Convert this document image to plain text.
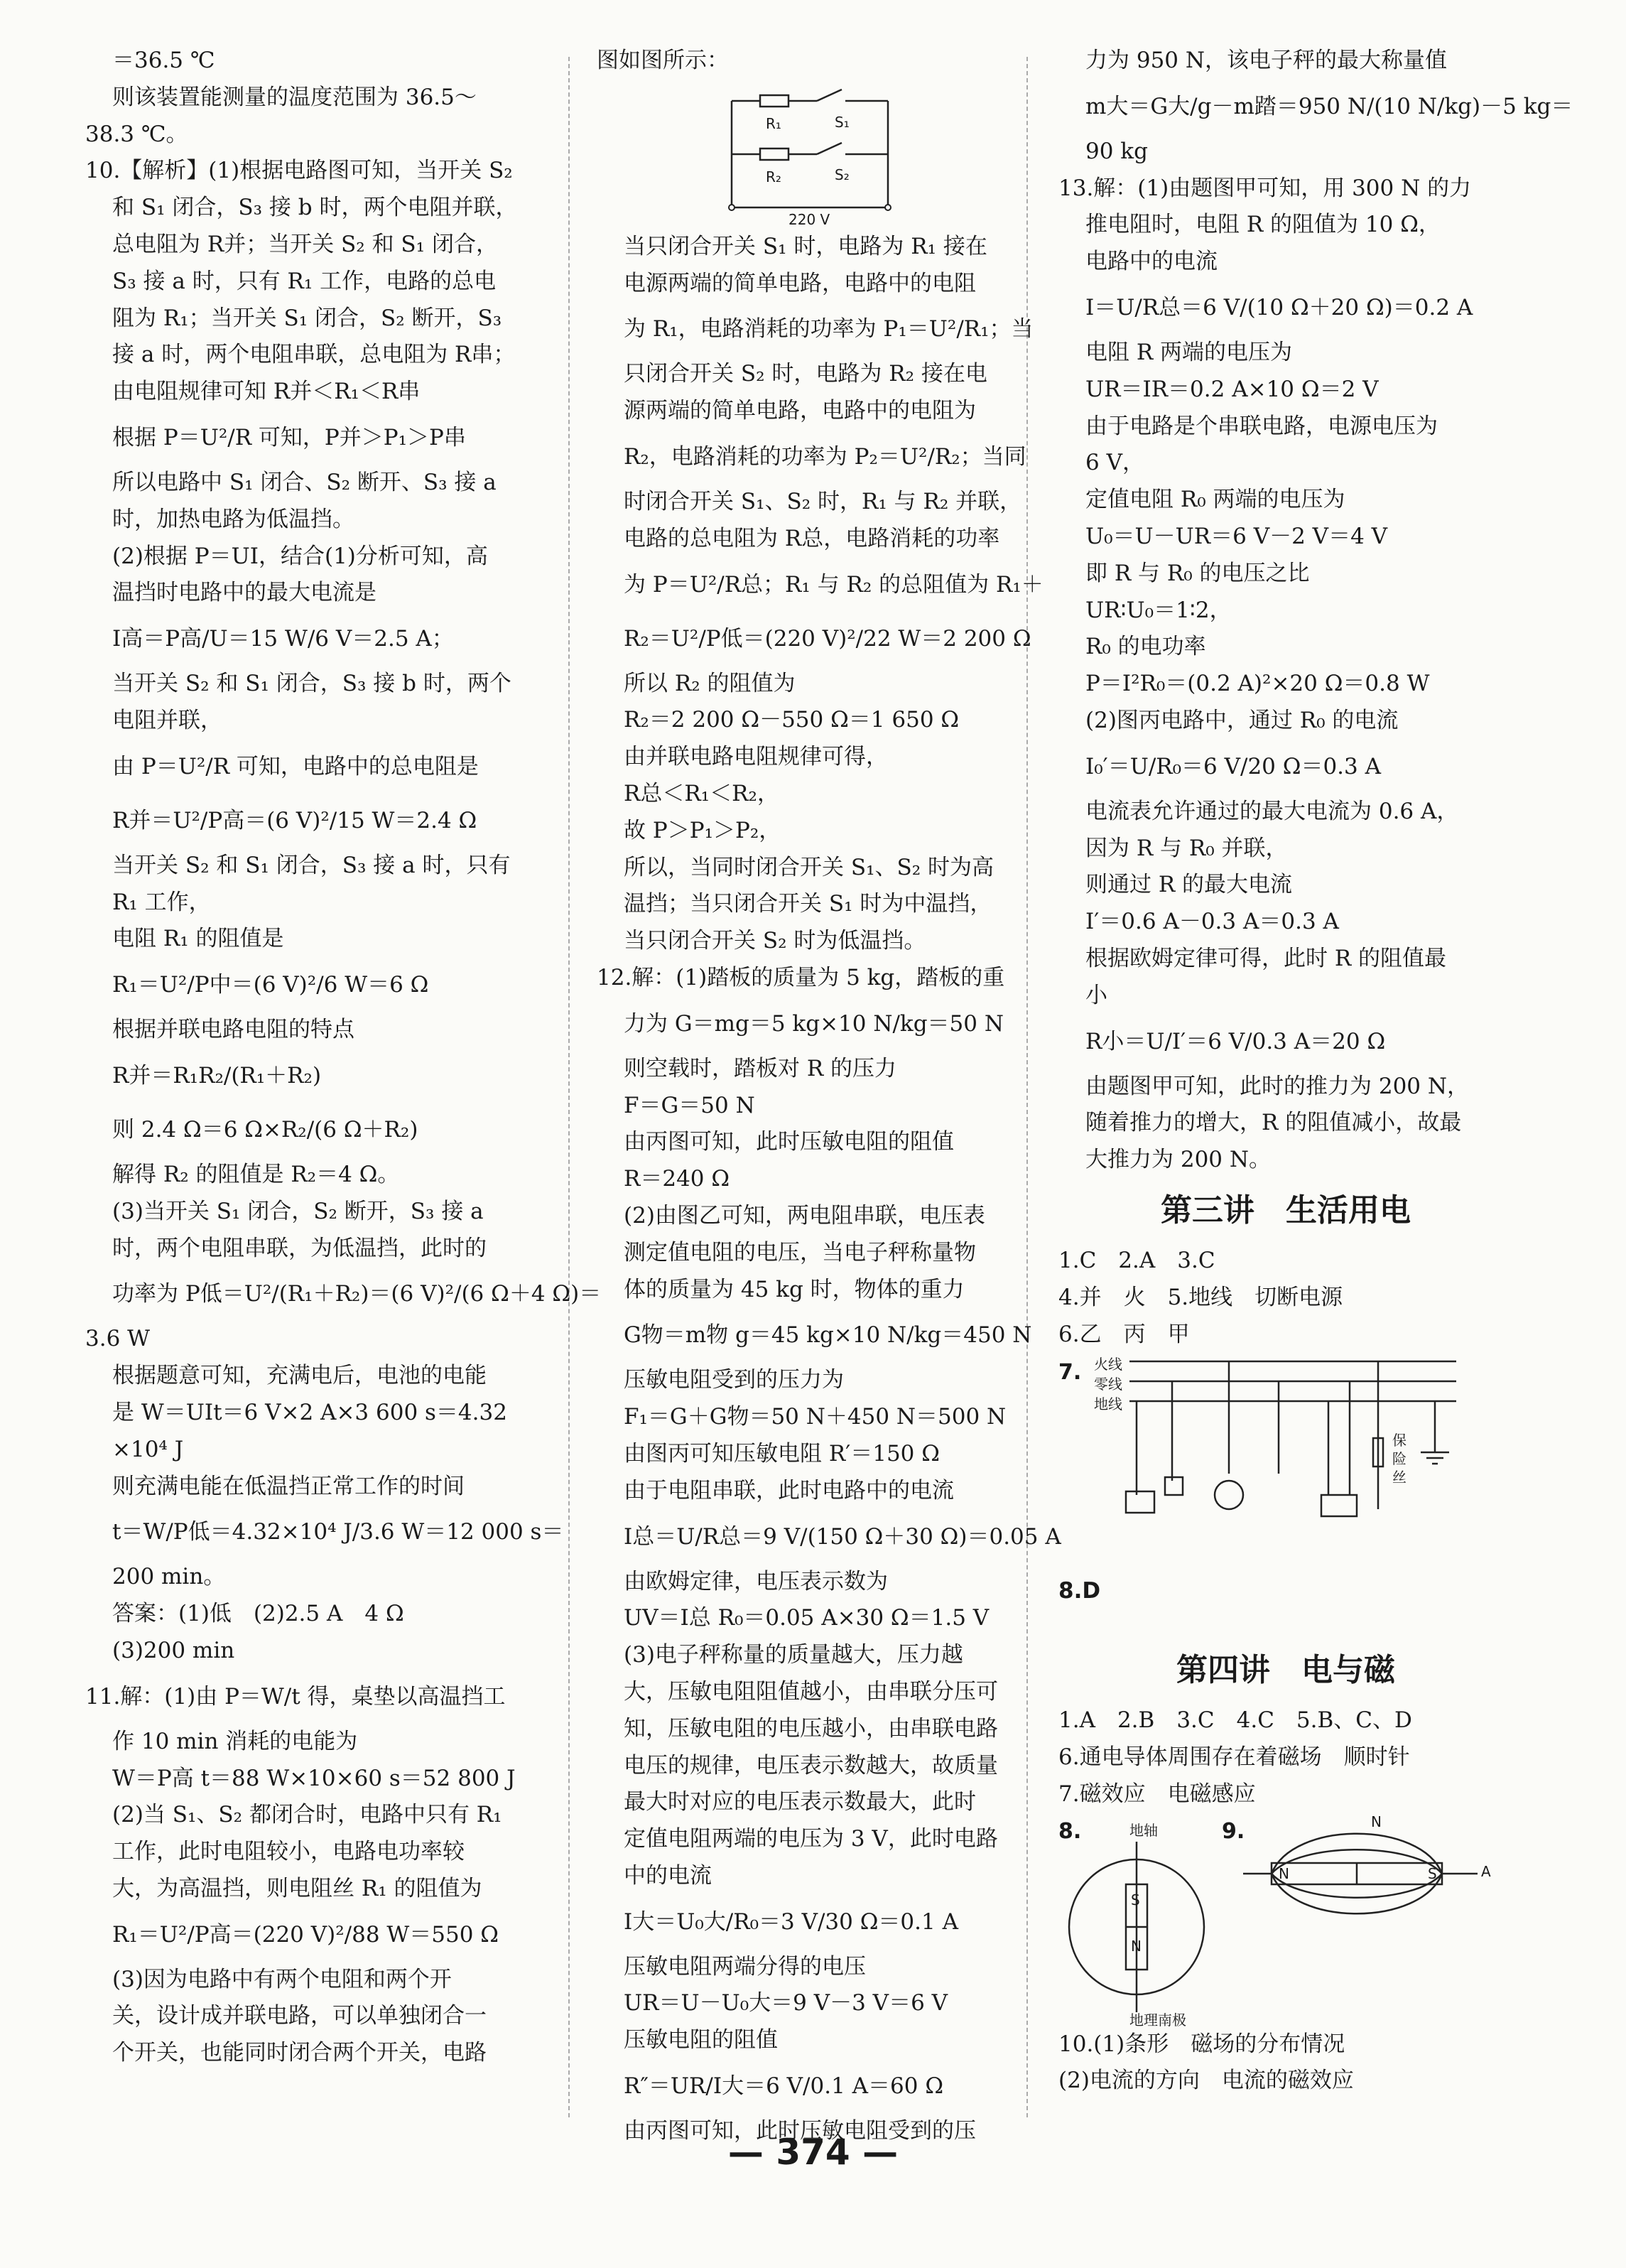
＝36.5 ℃
则该装置能测量的温度范围为 36.5～
38.3 ℃。
10.【解析】(1)根据电路图可知，当开关 S₂
和 S₁ 闭合，S₃ 接 b 时，两个电阻并联，
总电阻为 R并；当开关 S₂ 和 S₁ 闭合，
S₃ 接 a 时，只有 R₁ 工作，电路的总电
阻为 R₁；当开关 S₁ 闭合，S₂ 断开，S₃
接 a 时，两个电阻串联，总电阻为 R串；
由电阻规律可知 R并＜R₁＜R串
根据 P＝U²/R 可知，P并＞P₁＞P串
所以电路中 S₁ 闭合、S₂ 断开、S₃ 接 a
时，加热电路为低温挡。
(2)根据 P＝UI，结合(1)分析可知，高
温挡时电路中的最大电流是
I高＝P高/U＝15 W/6 V＝2.5 A；
当开关 S₂ 和 S₁ 闭合，S₃ 接 b 时，两个
电阻并联，
由 P＝U²/R 可知，电路中的总电阻是
R并＝U²/P高＝(6 V)²/15 W＝2.4 Ω
当开关 S₂ 和 S₁ 闭合，S₃ 接 a 时，只有
R₁ 工作，
电阻 R₁ 的阻值是
R₁＝U²/P中＝(6 V)²/6 W＝6 Ω
根据并联电路电阻的特点
R并＝R₁R₂/(R₁＋R₂)
则 2.4 Ω＝6 Ω×R₂/(6 Ω＋R₂)
解得 R₂ 的阻值是 R₂＝4 Ω。
(3)当开关 S₁ 闭合，S₂ 断开，S₃ 接 a
时，两个电阻串联，为低温挡，此时的
功率为 P低＝U²/(R₁＋R₂)＝(6 V)²/(6 Ω＋4 Ω)＝
3.6 W
根据题意可知，充满电后，电池的电能
是 W＝UIt＝6 V×2 A×3 600 s＝4.32
×10⁴ J
则充满电能在低温挡正常工作的时间
t＝W/P低＝4.32×10⁴ J/3.6 W＝12 000 s＝
200 min。
答案：(1)低　(2)2.5 A　4 Ω
(3)200 min
11.解：(1)由 P＝W/t 得，桌垫以高温挡工
作 10 min 消耗的电能为
W＝P高 t＝88 W×10×60 s＝52 800 J
(2)当 S₁、S₂ 都闭合时，电路中只有 R₁
工作，此时电阻较小，电路电功率较
大，为高温挡，则电阻丝 R₁ 的阻值为
R₁＝U²/P高＝(220 V)²/88 W＝550 Ω
(3)因为电路中有两个电阻和两个开
关，设计成并联电路，可以单独闭合一
个开关，也能同时闭合两个开关，电路
图如图所示：
R₁	S₁
R₂	S₂
220 V
当只闭合开关 S₁ 时，电路为 R₁ 接在
电源两端的简单电路，电路中的电阻
为 R₁，电路消耗的功率为 P₁＝U²/R₁；当
只闭合开关 S₂ 时，电路为 R₂ 接在电
源两端的简单电路，电路中的电阻为
R₂，电路消耗的功率为 P₂＝U²/R₂；当同
时闭合开关 S₁、S₂ 时，R₁ 与 R₂ 并联，
电路的总电阻为 R总，电路消耗的功率
为 P＝U²/R总；R₁ 与 R₂ 的总阻值为 R₁＋
R₂＝U²/P低＝(220 V)²/22 W＝2 200 Ω
所以 R₂ 的阻值为
R₂＝2 200 Ω－550 Ω＝1 650 Ω
由并联电路电阻规律可得，
R总＜R₁＜R₂，
故 P＞P₁＞P₂，
所以，当同时闭合开关 S₁、S₂ 时为高
温挡；当只闭合开关 S₁ 时为中温挡，
当只闭合开关 S₂ 时为低温挡。
12.解：(1)踏板的质量为 5 kg，踏板的重
力为 G＝mg＝5 kg×10 N/kg＝50 N
则空载时，踏板对 R 的压力
F＝G＝50 N
由丙图可知，此时压敏电阻的阻值
R＝240 Ω
(2)由图乙可知，两电阻串联，电压表
测定值电阻的电压，当电子秤称量物
体的质量为 45 kg 时，物体的重力
G物＝m物 g＝45 kg×10 N/kg＝450 N
压敏电阻受到的压力为
F₁＝G＋G物＝50 N＋450 N＝500 N
由图丙可知压敏电阻 R′＝150 Ω
由于电阻串联，此时电路中的电流
I总＝U/R总＝9 V/(150 Ω＋30 Ω)＝0.05 A
由欧姆定律，电压表示数为
UV＝I总 R₀＝0.05 A×30 Ω＝1.5 V
(3)电子秤称量的质量越大，压力越
大，压敏电阻阻值越小，由串联分压可
知，压敏电阻的电压越小，由串联电路
电压的规律，电压表示数越大，故质量
最大时对应的电压表示数最大，此时
定值电阻两端的电压为 3 V，此时电路
中的电流
I大＝U₀大/R₀＝3 V/30 Ω＝0.1 A
压敏电阻两端分得的电压
UR＝U－U₀大＝9 V－3 V＝6 V
压敏电阻的阻值
R″＝UR/I大＝6 V/0.1 A＝60 Ω
由丙图可知，此时压敏电阻受到的压
力为 950 N，该电子秤的最大称量值
m大＝G大/g－m踏＝950 N/(10 N/kg)－5 kg＝
90 kg
13.解：(1)由题图甲可知，用 300 N 的力
推电阻时，电阻 R 的阻值为 10 Ω，
电路中的电流
I＝U/R总＝6 V/(10 Ω＋20 Ω)＝0.2 A
电阻 R 两端的电压为
UR＝IR＝0.2 A×10 Ω＝2 V
由于电路是个串联电路，电源电压为
6 V，
定值电阻 R₀ 两端的电压为
U₀＝U－UR＝6 V－2 V＝4 V
即 R 与 R₀ 的电压之比
UR∶U₀＝1∶2，
R₀ 的电功率
P＝I²R₀＝(0.2 A)²×20 Ω＝0.8 W
(2)图丙电路中，通过 R₀ 的电流
I₀′＝U/R₀＝6 V/20 Ω＝0.3 A
电流表允许通过的最大电流为 0.6 A，
因为 R 与 R₀ 并联，
则通过 R 的最大电流
I′＝0.6 A－0.3 A＝0.3 A
根据欧姆定律可得，此时 R 的阻值最
小
R小＝U/I′＝6 V/0.3 A＝20 Ω
由题图甲可知，此时的推力为 200 N，
随着推力的增大，R 的阻值减小，故最
大推力为 200 N。
第三讲　生活用电
1.C　2.A　3.C
4.并　火　5.地线　切断电源
6.乙　丙　甲
7. 火线
零线
地线
保险丝
8.D
第四讲　电与磁
1.A　2.B　3.C　4.C　5.B、C、D
6.通电导体周围存在着磁场　顺时针
7.磁效应　电磁感应
8.	地轴
S
N
地理南极
9.
N	S
N
A
10.(1)条形　磁场的分布情况
(2)电流的方向　电流的磁效应
— 374 —
